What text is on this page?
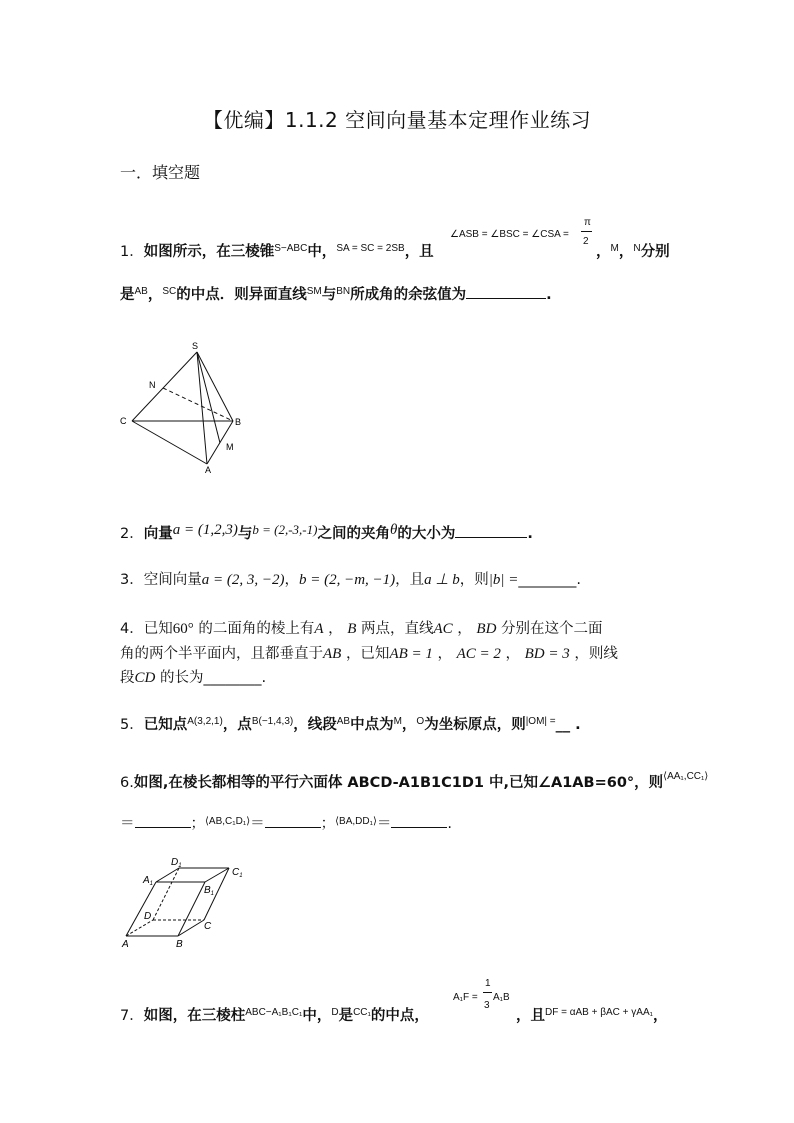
【优编】1.1.2 空间向量基本定理作业练习
一．填空题
1．如图所示，在三棱锥$^{S-ABC}$中，$^{SA = SC = 2SB}$，且
∠ASB = ∠BSC = ∠CSA =
π
2
，$^M$，$^N$分别
是$^{AB}$，$^{SC}$的中点．则异面直线℠与$^{BN}$所成角的余弦值为	.
S
N
C	B
M
A
2．向量a = (1,2,3)与b = (2,-3,-1)之间的夹角θ的大小为	.
3．空间向量a = (2, 3, −2)，b = (2, −m, −1)，且a ⊥ b，则|b| =________.
4．已知60° 的二面角的棱上有A ， B 两点，直线AC ， BD 分别在这个二面
角的两个半平面内，且都垂直于AB ，已知AB = 1 ， AC = 2 ， BD = 3 ，则线
段CD 的长为________.
5．已知点$^{A(3,2,1)}$，点$^{B(-1,4,3)}$，线段$^{AB}$中点为$^M$，$^O$为坐标原点，则$^{|OM| =}$__ .
6.如图,在棱长都相等的平行六面体 ABCD-A1B1C1D1 中,已知∠A1AB=60°，则$^{⟨AA_1,CC_1⟩}$
＝	；$^{⟨AB,C_1D_1⟩}$＝	；$^{⟨BA,DD_1⟩}$＝	.
$D_1$
$C_1$
$A_1$
$B_1$
D
C
A	B
7．如图，在三棱柱$^{ABC-A_1B_1C_1}$中，$^D$是$^{CC_1}$的中点，
A₁F =
1
3
A₁B
，且$^{DF = \alpha AB + \beta AC + \gamma AA_1}$，
